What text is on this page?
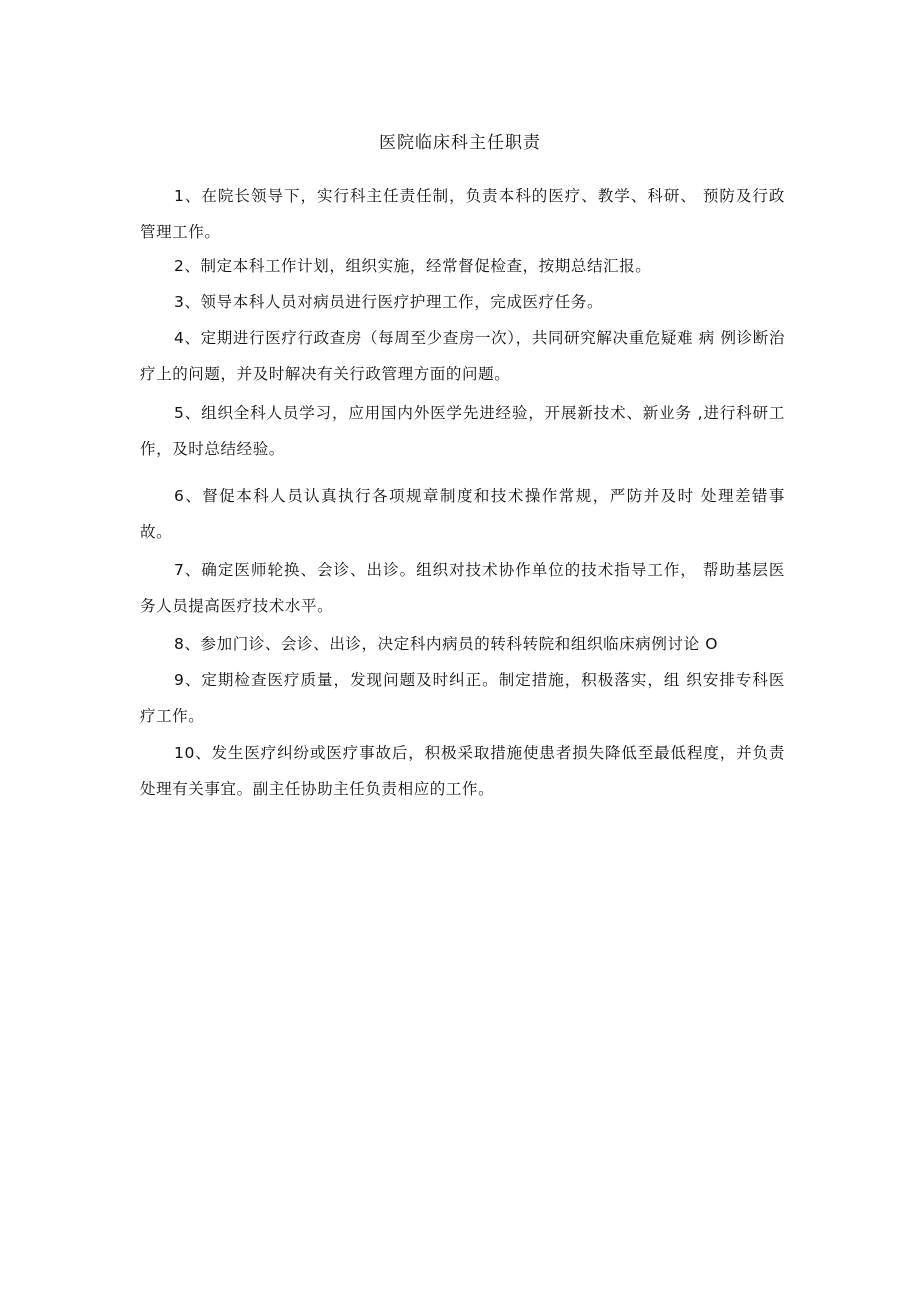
医院临床科主任职责

1、在院长领导下，实行科主任责任制，负责本科的医疗、教学、科研、 预防及行政管理工作。

2、制定本科工作计划，组织实施，经常督促检查，按期总结汇报。

3、领导本科人员对病员进行医疗护理工作，完成医疗任务。

4、定期进行医疗行政查房（每周至少查房一次），共同研究解决重危疑难 病 例诊断治疗上的问题，并及时解决有关行政管理方面的问题。

5、组织全科人员学习，应用国内外医学先进经验，开展新技术、新业务 ,进行科研工作，及时总结经验。

6、督促本科人员认真执行各项规章制度和技术操作常规，严防并及时 处理差错事故。

7、确定医师轮换、会诊、出诊。组织对技术协作单位的技术指导工作， 帮助基层医务人员提高医疗技术水平。

8、参加门诊、会诊、出诊，决定科内病员的转科转院和组织临床病例讨论 O

9、定期检查医疗质量，发现问题及时纠正。制定措施，积极落实，组 织安排专科医疗工作。

10、发生医疗纠纷或医疗事故后，积极采取措施使患者损失降低至最低程度，并负责处理有关事宜。副主任协助主任负责相应的工作。
